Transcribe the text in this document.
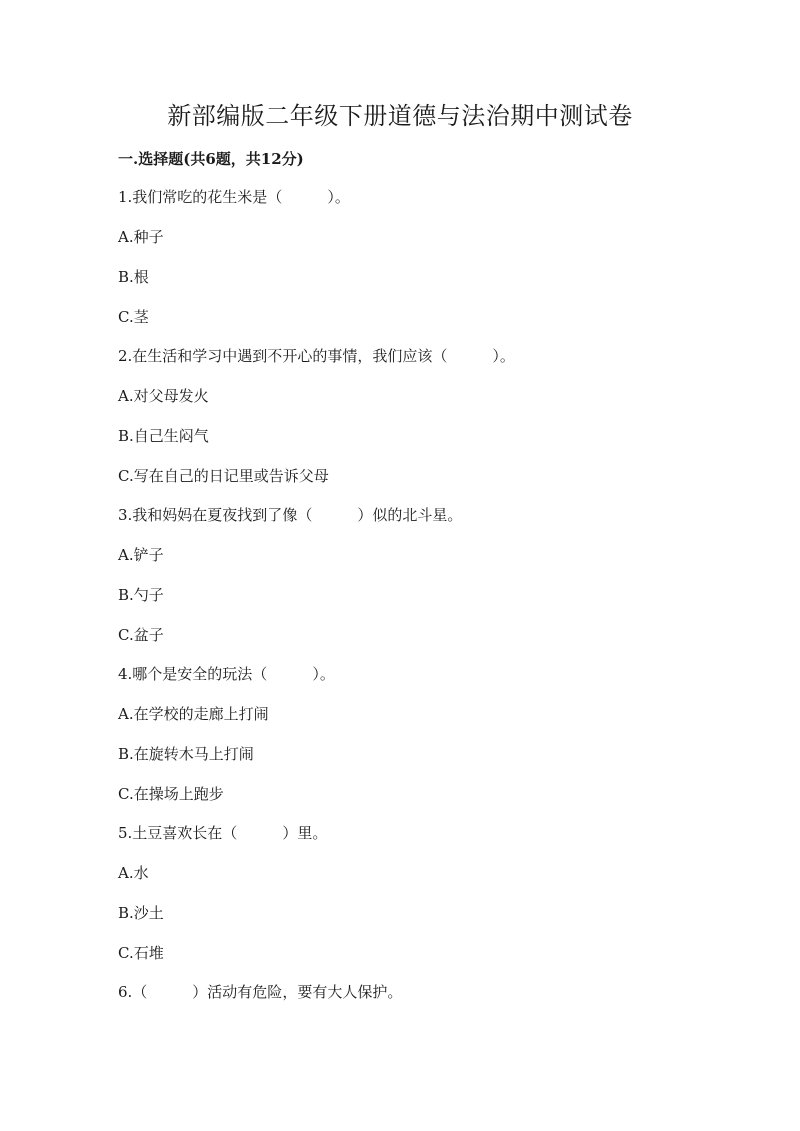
新部编版二年级下册道德与法治期中测试卷
一.选择题(共6题，共12分)
1.我们常吃的花生米是（　　　）。
A.种子
B.根
C.茎
2.在生活和学习中遇到不开心的事情，我们应该（　　　）。
A.对父母发火
B.自己生闷气
C.写在自己的日记里或告诉父母
3.我和妈妈在夏夜找到了像（　　　）似的北斗星。
A.铲子
B.勺子
C.盆子
4.哪个是安全的玩法（　　　）。
A.在学校的走廊上打闹
B.在旋转木马上打闹
C.在操场上跑步
5.土豆喜欢长在（　　　）里。
A.水
B.沙土
C.石堆
6.（　　　）活动有危险，要有大人保护。
